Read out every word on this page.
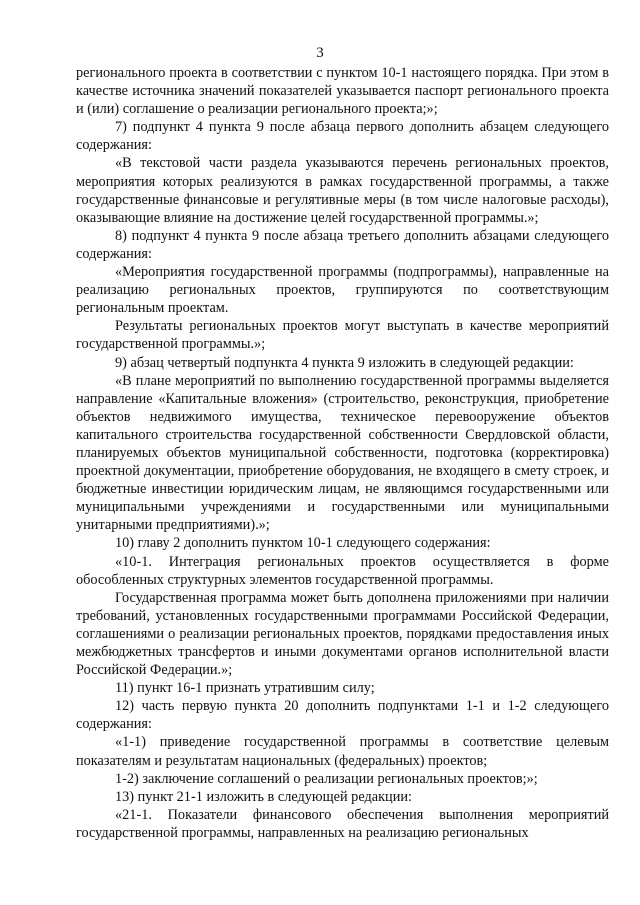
3

регионального проекта в соответствии с пунктом 10-1 настоящего порядка. При этом в качестве источника значений показателей указывается паспорт регионального проекта и (или) соглашение о реализации регионального проекта;»;

7) подпункт 4 пункта 9 после абзаца первого дополнить абзацем следующего содержания:

«В текстовой части раздела указываются перечень региональных проектов, мероприятия которых реализуются в рамках государственной программы, а также государственные финансовые и регулятивные меры (в том числе налоговые расходы), оказывающие влияние на достижение целей государственной программы.»;

8) подпункт 4 пункта 9 после абзаца третьего дополнить абзацами следующего содержания:

«Мероприятия государственной программы (подпрограммы), направленные на реализацию региональных проектов, группируются по соответствующим региональным проектам.

Результаты региональных проектов могут выступать в качестве мероприятий государственной программы.»;

9) абзац четвертый подпункта 4 пункта 9 изложить в следующей редакции:

«В плане мероприятий по выполнению государственной программы выделяется направление «Капитальные вложения» (строительство, реконструкция, приобретение объектов недвижимого имущества, техническое перевооружение объектов капитального строительства государственной собственности Свердловской области, планируемых объектов муниципальной собственности, подготовка (корректировка) проектной документации, приобретение оборудования, не входящего в смету строек, и бюджетные инвестиции юридическим лицам, не являющимся государственными или муниципальными учреждениями и государственными или муниципальными унитарными предприятиями).»;

10) главу 2 дополнить пунктом 10-1 следующего содержания:

«10-1. Интеграция региональных проектов осуществляется в форме обособленных структурных элементов государственной программы.

Государственная программа может быть дополнена приложениями при наличии требований, установленных государственными программами Российской Федерации, соглашениями о реализации региональных проектов, порядками предоставления иных межбюджетных трансфертов и иными документами органов исполнительной власти Российской Федерации.»;

11) пункт 16-1 признать утратившим силу;

12) часть первую пункта 20 дополнить подпунктами 1-1 и 1-2 следующего содержания:

«1-1) приведение государственной программы в соответствие целевым показателям и результатам национальных (федеральных) проектов;

1-2) заключение соглашений о реализации региональных проектов;»;

13) пункт 21-1 изложить в следующей редакции:

«21-1. Показатели финансового обеспечения выполнения мероприятий государственной программы, направленных на реализацию региональных
